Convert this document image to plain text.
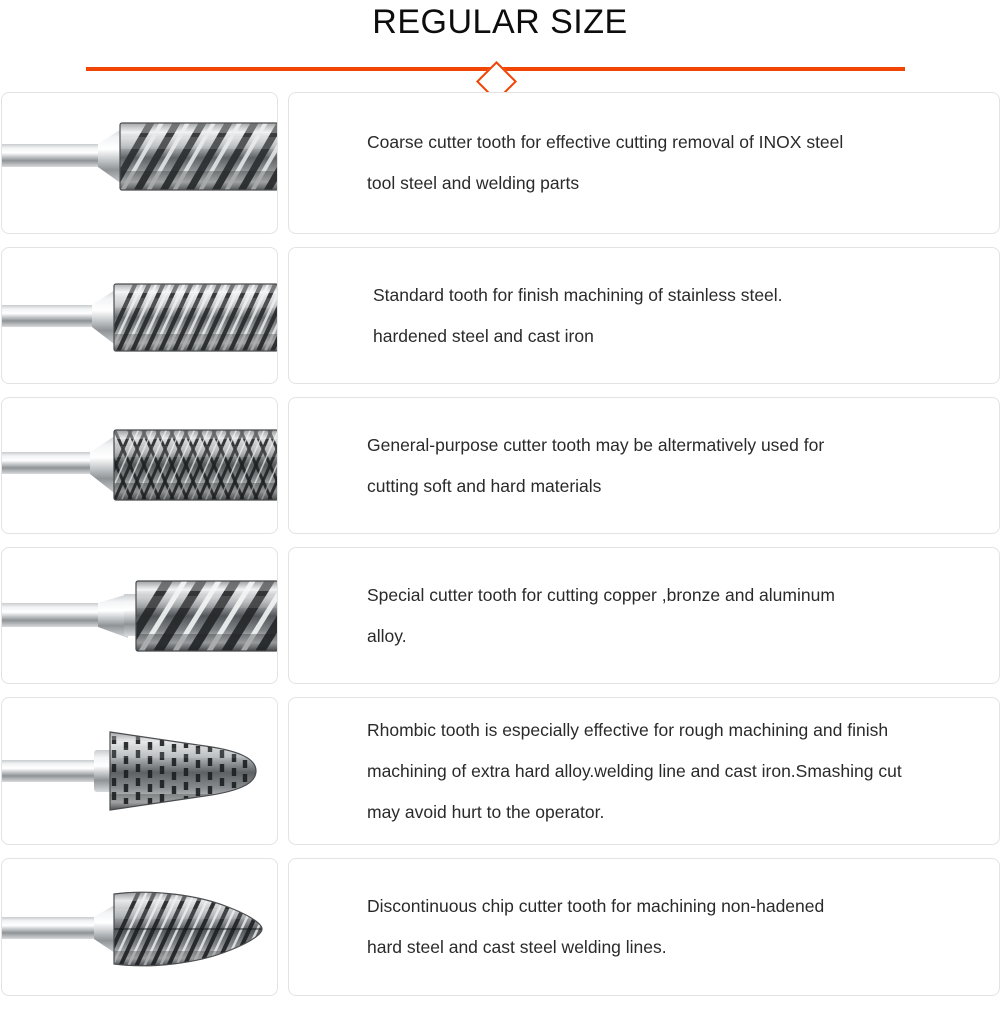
REGULAR SIZE
Coarse cutter tooth for effective cutting removal of INOX steel
tool steel and welding parts
Standard tooth for finish machining of stainless steel.
hardened steel and cast iron
General-purpose cutter tooth may be altermatively used for
cutting soft and hard materials
Special cutter tooth for cutting copper ,bronze and aluminum
alloy.
Rhombic tooth is especially effective for rough machining and finish
machining of extra hard alloy.welding line and cast iron.Smashing cut
may avoid hurt to the operator.
Discontinuous chip cutter tooth for machining non-hadened
hard steel and cast steel welding lines.
